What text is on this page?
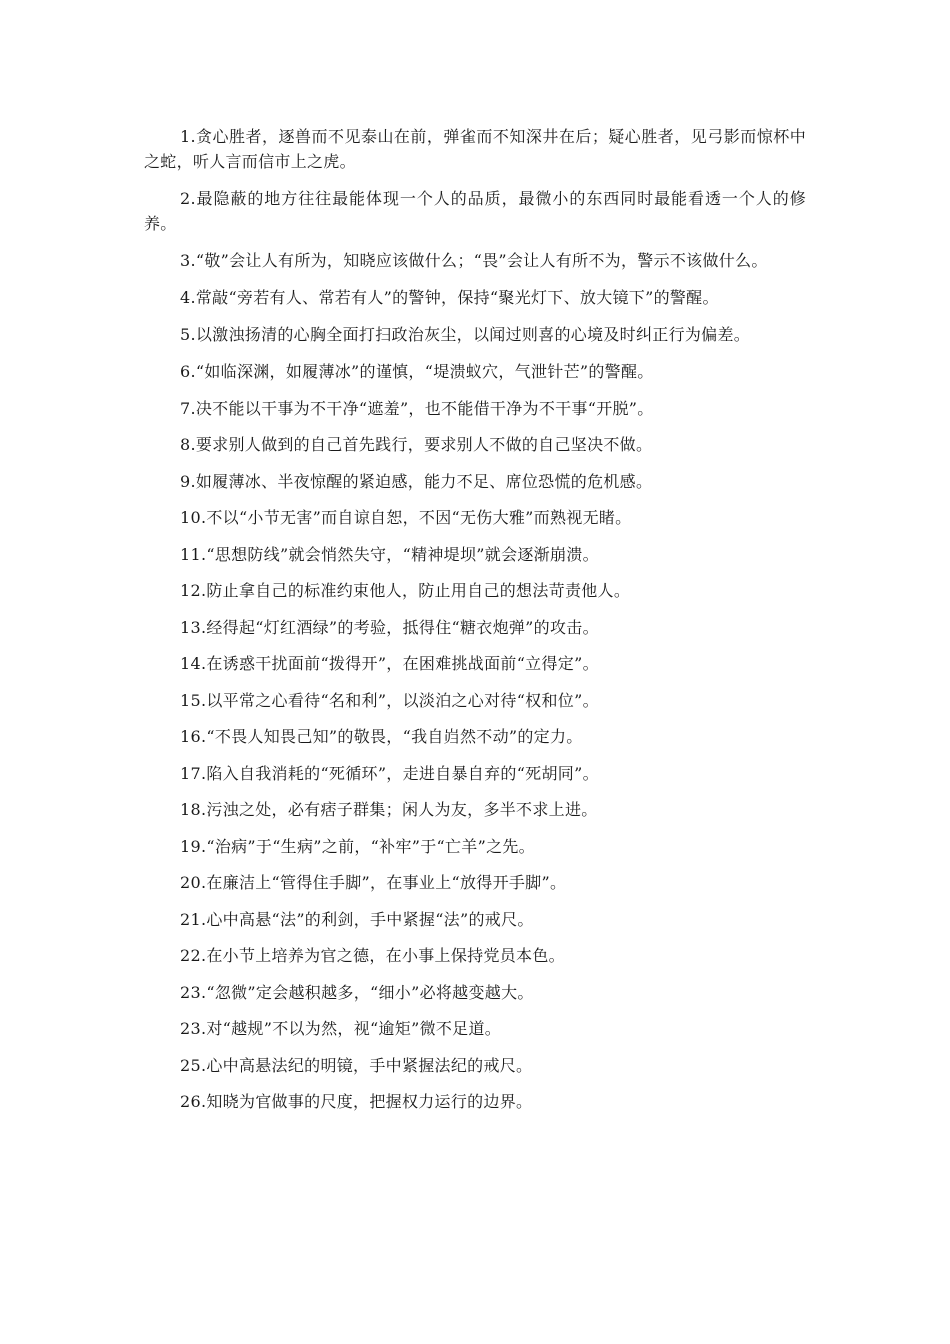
1.贪心胜者，逐兽而不见泰山在前，弹雀而不知深井在后；疑心胜者，见弓影而惊杯中之蛇，听人言而信市上之虎。

2.最隐蔽的地方往往最能体现一个人的品质，最微小的东西同时最能看透一个人的修养。

3.“敬”会让人有所为，知晓应该做什么；“畏”会让人有所不为，警示不该做什么。

4.常敲“旁若有人、常若有人”的警钟，保持“聚光灯下、放大镜下”的警醒。

5.以激浊扬清的心胸全面打扫政治灰尘，以闻过则喜的心境及时纠正行为偏差。

6.“如临深渊，如履薄冰”的谨慎，“堤溃蚁穴，气泄针芒”的警醒。

7.决不能以干事为不干净“遮羞”，也不能借干净为不干事“开脱”。

8.要求别人做到的自己首先践行，要求别人不做的自己坚决不做。

9.如履薄冰、半夜惊醒的紧迫感，能力不足、席位恐慌的危机感。

10.不以“小节无害”而自谅自恕，不因“无伤大雅”而熟视无睹。

11.“思想防线”就会悄然失守，“精神堤坝”就会逐渐崩溃。

12.防止拿自己的标准约束他人，防止用自己的想法苛责他人。

13.经得起“灯红酒绿”的考验，抵得住“糖衣炮弹”的攻击。

14.在诱惑干扰面前“拨得开”，在困难挑战面前“立得定”。

15.以平常之心看待“名和利”，以淡泊之心对待“权和位”。

16.“不畏人知畏己知”的敬畏，“我自岿然不动”的定力。

17.陷入自我消耗的“死循环”，走进自暴自弃的“死胡同”。

18.污浊之处，必有痞子群集；闲人为友，多半不求上进。

19.“治病”于“生病”之前，“补牢”于“亡羊”之先。

20.在廉洁上“管得住手脚”，在事业上“放得开手脚”。

21.心中高悬“法”的利剑，手中紧握“法”的戒尺。

22.在小节上培养为官之德，在小事上保持党员本色。

23.“忽微”定会越积越多，“细小”必将越变越大。

23.对“越规”不以为然，视“逾矩”微不足道。

25.心中高悬法纪的明镜，手中紧握法纪的戒尺。

26.知晓为官做事的尺度，把握权力运行的边界。
